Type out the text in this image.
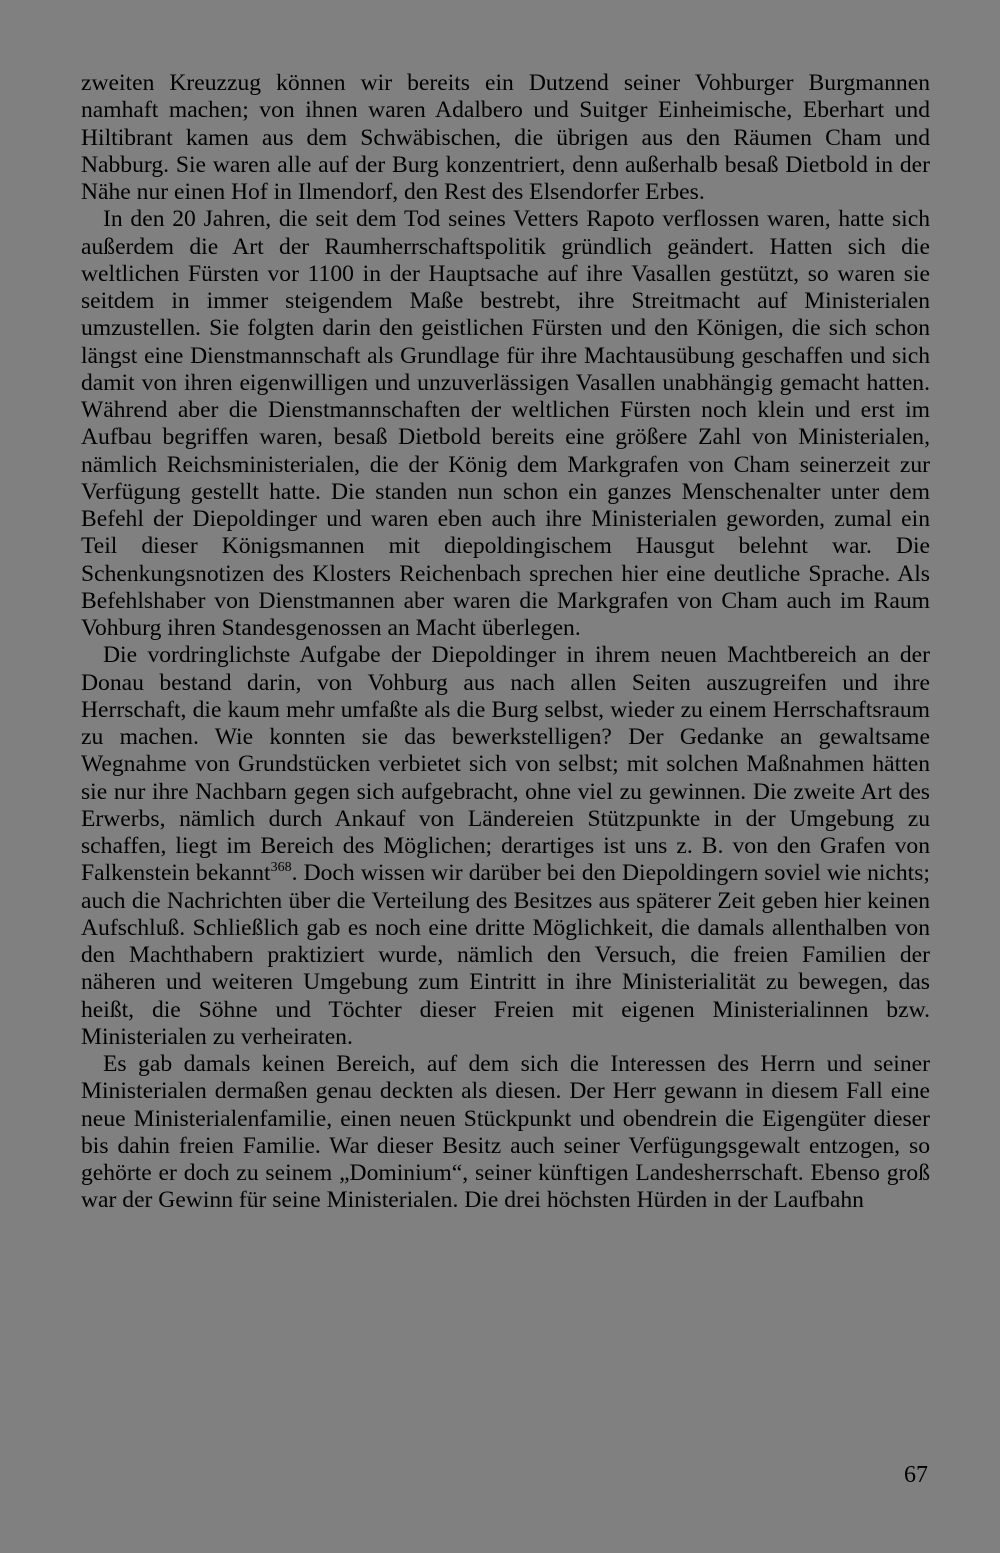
zweiten Kreuzzug können wir bereits ein Dutzend seiner Vohburger Burgmannen namhaft machen; von ihnen waren Adalbero und Suitger Einheimische, Eberhart und Hiltibrant kamen aus dem Schwäbischen, die übrigen aus den Räumen Cham und Nabburg. Sie waren alle auf der Burg konzentriert, denn außerhalb besaß Dietbold in der Nähe nur einen Hof in Ilmendorf, den Rest des Elsendorfer Erbes.

In den 20 Jahren, die seit dem Tod seines Vetters Rapoto verflossen waren, hatte sich außerdem die Art der Raumherrschaftspolitik gründlich geändert. Hatten sich die weltlichen Fürsten vor 1100 in der Hauptsache auf ihre Vasallen gestützt, so waren sie seitdem in immer steigendem Maße bestrebt, ihre Streitmacht auf Ministerialen umzustellen. Sie folgten darin den geistlichen Fürsten und den Königen, die sich schon längst eine Dienstmannschaft als Grundlage für ihre Machtausübung geschaffen und sich damit von ihren eigenwilligen und unzuverlässigen Vasallen unabhängig gemacht hatten. Während aber die Dienstmannschaften der weltlichen Fürsten noch klein und erst im Aufbau begriffen waren, besaß Dietbold bereits eine größere Zahl von Ministerialen, nämlich Reichsministerialen, die der König dem Markgrafen von Cham seinerzeit zur Verfügung gestellt hatte. Die standen nun schon ein ganzes Menschenalter unter dem Befehl der Diepoldinger und waren eben auch ihre Ministerialen geworden, zumal ein Teil dieser Königsmannen mit diepoldingischem Hausgut belehnt war. Die Schenkungsnotizen des Klosters Reichenbach sprechen hier eine deutliche Sprache. Als Befehlshaber von Dienstmannen aber waren die Markgrafen von Cham auch im Raum Vohburg ihren Standesgenossen an Macht überlegen.

Die vordringlichste Aufgabe der Diepoldinger in ihrem neuen Machtbereich an der Donau bestand darin, von Vohburg aus nach allen Seiten auszugreifen und ihre Herrschaft, die kaum mehr umfaßte als die Burg selbst, wieder zu einem Herrschaftsraum zu machen. Wie konnten sie das bewerkstelligen? Der Gedanke an gewaltsame Wegnahme von Grundstücken verbietet sich von selbst; mit solchen Maßnahmen hätten sie nur ihre Nachbarn gegen sich aufgebracht, ohne viel zu gewinnen. Die zweite Art des Erwerbs, nämlich durch Ankauf von Ländereien Stützpunkte in der Umgebung zu schaffen, liegt im Bereich des Möglichen; derartiges ist uns z. B. von den Grafen von Falkenstein bekannt$^{368}$. Doch wissen wir darüber bei den Diepoldingern soviel wie nichts; auch die Nachrichten über die Verteilung des Besitzes aus späterer Zeit geben hier keinen Aufschluß. Schließlich gab es noch eine dritte Möglichkeit, die damals allenthalben von den Machthabern praktiziert wurde, nämlich den Versuch, die freien Familien der näheren und weiteren Umgebung zum Eintritt in ihre Ministerialität zu bewegen, das heißt, die Söhne und Töchter dieser Freien mit eigenen Ministerialinnen bzw. Ministerialen zu verheiraten.

Es gab damals keinen Bereich, auf dem sich die Interessen des Herrn und seiner Ministerialen dermaßen genau deckten als diesen. Der Herr gewann in diesem Fall eine neue Ministerialenfamilie, einen neuen Stückpunkt und obendrein die Eigengüter dieser bis dahin freien Familie. War dieser Besitz auch seiner Verfügungsgewalt entzogen, so gehörte er doch zu seinem „Dominium“, seiner künftigen Landesherrschaft. Ebenso groß war der Gewinn für seine Ministerialen. Die drei höchsten Hürden in der Laufbahn

67
